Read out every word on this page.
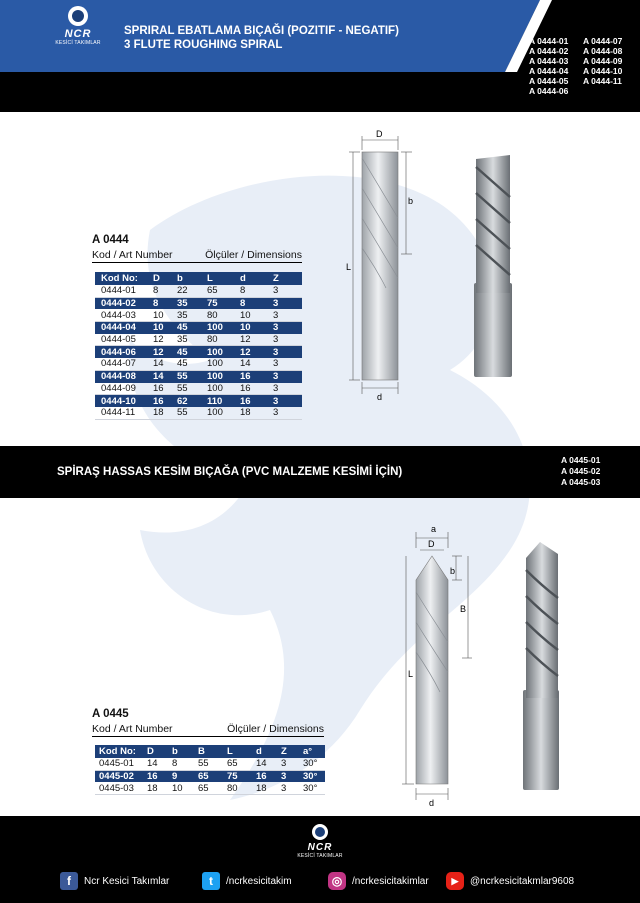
NCR
KESİCİ TAKIMLAR
SPRIRAL EBATLAMA BIÇAĞI (POZITIF - NEGATIF)
3 FLUTE ROUGHING SPIRAL	A 0444-01	A 0444-07
A 0444-02	A 0444-08
A 0444-03	A 0444-09
A 0444-04	A 0444-10
A 0444-05	A 0444-11
A 0444-06
A 0444
Kod / Art Number	Ölçüler / Dimensions
Kod No:	D	b	L	d	Z
0444-01	8	22	65	8	3
0444-02	8	35	75	8	3
0444-03	10	35	80	10	3
0444-04	10	45	100	10	3
0444-05	12	35	80	12	3
0444-06	12	45	100	12	3
0444-07	14	45	100	14	3
0444-08	14	55	100	16	3
0444-09	16	55	100	16	3
0444-10	16	62	110	16	3
0444-11	18	55	100	18	3
D
b
L
d
SPİRAŞ HASSAS KESİM BIÇAĞA (PVC MALZEME KESİMİ İÇİN)
A 0445-01
A 0445-02
A 0445-03
A 0445
Kod / Art Number	Ölçüler / Dimensions
Kod No:	D	b	B	L	d	Z	a°
0445-01	14	8	55	65	14	3	30°
0445-02	16	9	65	75	16	3	30°
0445-03	18	10	65	80	18	3	30°
a
D
b
B
L
d
NCR
KESİCİ TAKIMLAR
f	Ncr Kesici Takımlar	t	/ncrkesicitakim	◎ /ncrkesicitakimlar	▶	@ncrkesicitakmlar9608
